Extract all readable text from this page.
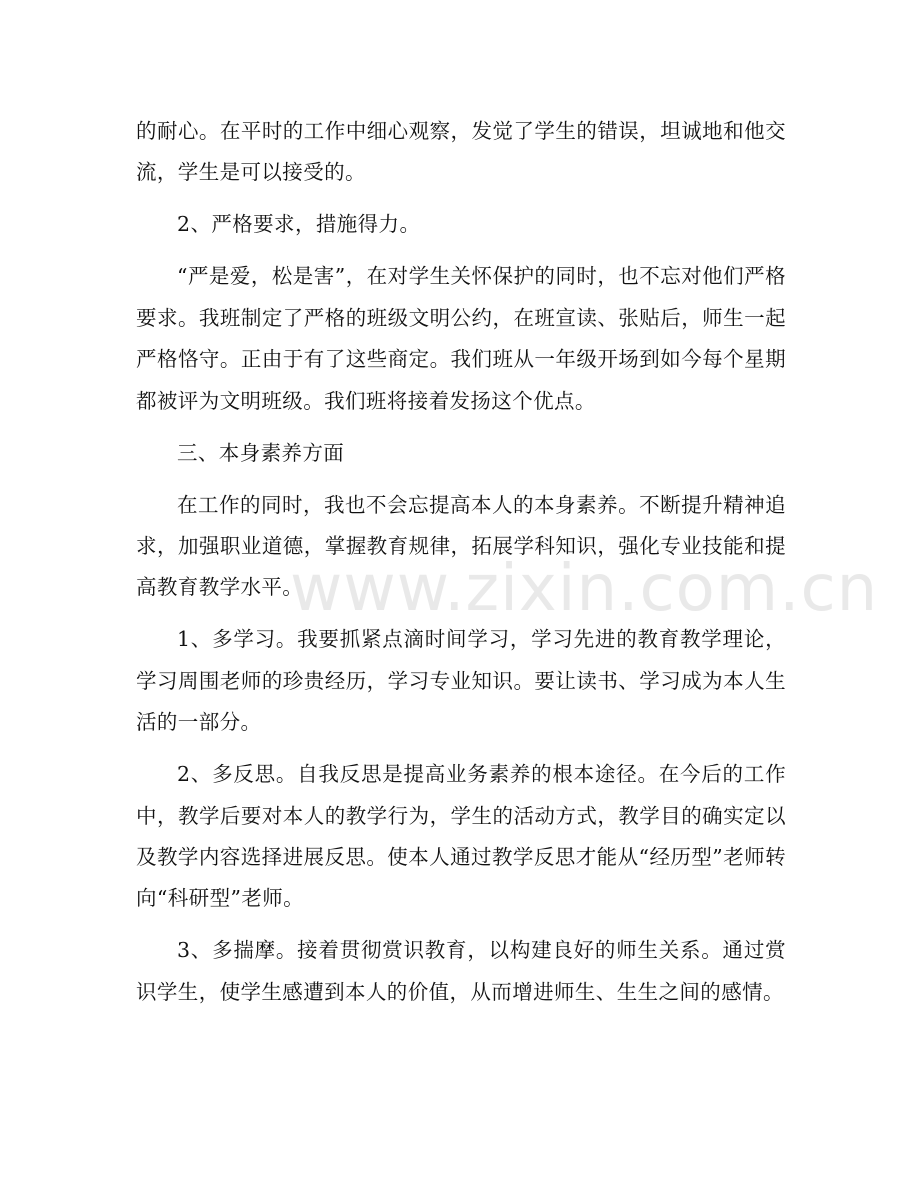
www.zixin.com.cn

的耐心。在平时的工作中细心观察，发觉了学生的错误，坦诚地和他交流，学生是可以接受的。

2、严格要求，措施得力。

“严是爱，松是害”，在对学生关怀保护的同时，也不忘对他们严格要求。我班制定了严格的班级文明公约，在班宣读、张贴后，师生一起严格恪守。正由于有了这些商定。我们班从一年级开场到如今每个星期都被评为文明班级。我们班将接着发扬这个优点。

三、本身素养方面

在工作的同时，我也不会忘提高本人的本身素养。不断提升精神追求，加强职业道德，掌握教育规律，拓展学科知识，强化专业技能和提高教育教学水平。

1、多学习。我要抓紧点滴时间学习，学习先进的教育教学理论，学习周围老师的珍贵经历，学习专业知识。要让读书、学习成为本人生活的一部分。

2、多反思。自我反思是提高业务素养的根本途径。在今后的工作中，教学后要对本人的教学行为，学生的活动方式，教学目的确实定以及教学内容选择进展反思。使本人通过教学反思才能从“经历型”老师转向“科研型”老师。

3、多揣摩。接着贯彻赏识教育，以构建良好的师生关系。通过赏识学生，使学生感遭到本人的价值，从而增进师生、生生之间的感情。
